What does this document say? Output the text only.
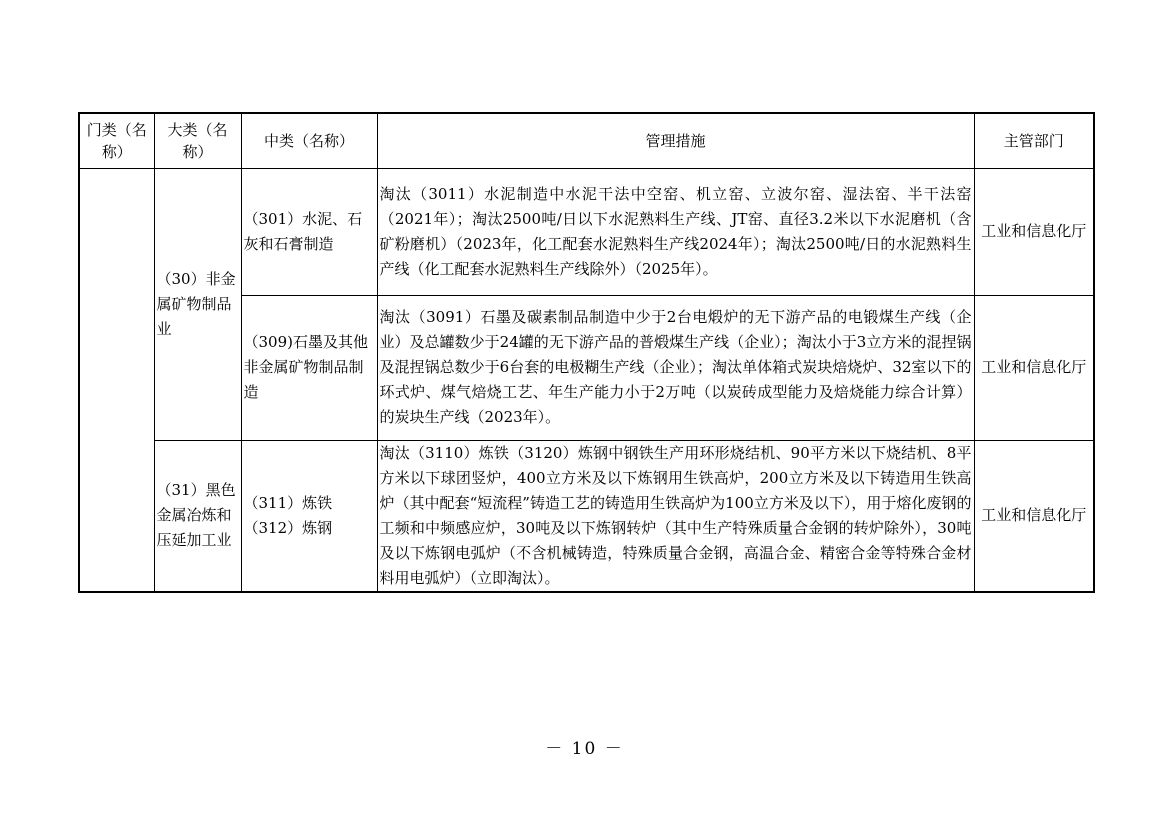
门类（名称）	大类（名称）	中类（名称）	管理措施	主管部门
	（30）非金属矿物制品业	（301）水泥、石灰和石膏制造	淘汰（3011）水泥制造中水泥干法中空窑、机立窑、立波尔窑、湿法窑、半干法窑（2021年）；淘汰2500吨/日以下水泥熟料生产线、JT窑、直径3.2米以下水泥磨机（含矿粉磨机）（2023年，化工配套水泥熟料生产线2024年）；淘汰2500吨/日的水泥熟料生产线（化工配套水泥熟料生产线除外）（2025年）。	工业和信息化厅
		（309)石墨及其他非金属矿物制品制造	淘汰（3091）石墨及碳素制品制造中少于2台电煅炉的无下游产品的电锻煤生产线（企业）及总罐数少于24罐的无下游产品的普煅煤生产线（企业）；淘汰小于3立方米的混捏锅及混捏锅总数少于6台套的电极糊生产线（企业）；淘汰单体箱式炭块焙烧炉、32室以下的环式炉、煤气焙烧工艺、年生产能力小于2万吨（以炭砖成型能力及焙烧能力综合计算）的炭块生产线（2023年）。	工业和信息化厅
	（31）黑色金属冶炼和压延加工业	（311）炼铁（312）炼钢	淘汰（3110）炼铁（3120）炼钢中钢铁生产用环形烧结机、90平方米以下烧结机、8平方米以下球团竖炉，400立方米及以下炼钢用生铁高炉，200立方米及以下铸造用生铁高炉（其中配套“短流程”铸造工艺的铸造用生铁高炉为100立方米及以下），用于熔化废钢的工频和中频感应炉，30吨及以下炼钢转炉（其中生产特殊质量合金钢的转炉除外），30吨及以下炼钢电弧炉（不含机械铸造，特殊质量合金钢，高温合金、精密合金等特殊合金材料用电弧炉）（立即淘汰）。	工业和信息化厅
－ 10 －
